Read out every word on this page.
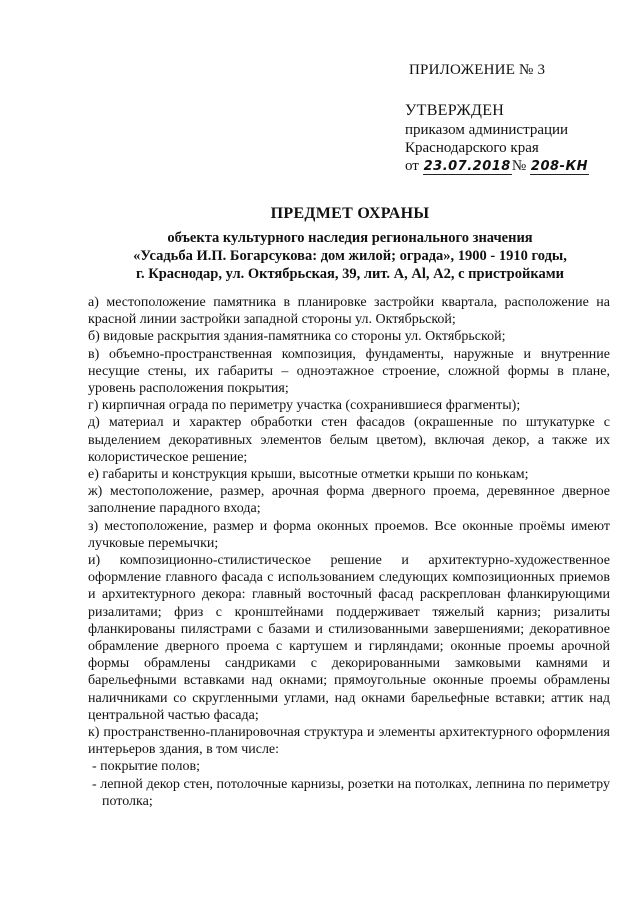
ПРИЛОЖЕНИЕ № 3
УТВЕРЖДЕН
приказом администрации
Краснодарского края
от 23.07.2018№ 208-КН
ПРЕДМЕТ ОХРАНЫ
объекта культурного наследия регионального значения
«Усадьба И.П. Богарсукова: дом жилой; ограда», 1900 - 1910 годы,
г. Краснодар, ул. Октябрьская, 39, лит. А, Аl, А2, с пристройками

а) местоположение памятника в планировке застройки квартала, расположение на красной линии застройки западной стороны ул. Октябрьской;

б) видовые раскрытия здания-памятника со стороны ул. Октябрьской;

в) объемно-пространственная композиция, фундаменты, наружные и внутренние несущие стены, их габариты – одноэтажное строение, сложной формы в плане, уровень расположения покрытия;

г) кирпичная ограда по периметру участка (сохранившиеся фрагменты);

д) материал и характер обработки стен фасадов (окрашенные по штукатурке с выделением декоративных элементов белым цветом), включая декор, а также их колористическое решение;

е) габариты и конструкция крыши, высотные отметки крыши по конькам;

ж) местоположение, размер, арочная форма дверного проема, деревянное дверное заполнение парадного входа;

з) местоположение, размер и форма оконных проемов. Все оконные проёмы имеют лучковые перемычки;

и) композиционно-стилистическое решение и архитектурно-художественное оформление главного фасада с использованием следующих композиционных приемов и архитектурного декора: главный восточный фасад раскреплован фланкирующими ризалитами; фриз с кронштейнами поддерживает тяжелый карниз; ризалиты фланкированы пилястрами с базами и стилизованными завершениями; декоративное обрамление дверного проема с картушем и гирляндами; оконные проемы арочной формы обрамлены сандриками с декорированными замковыми камнями и барельефными вставками над окнами; прямоугольные оконные проемы обрамлены наличниками со скругленными углами, над окнами барельефные вставки; аттик над центральной частью фасада;

к) пространственно-планировочная структура и элементы архитектурного оформления интерьеров здания, в том числе:

- покрытие полов;

- лепной декор стен, потолочные карнизы, розетки на потолках, лепнина по периметру потолка;
